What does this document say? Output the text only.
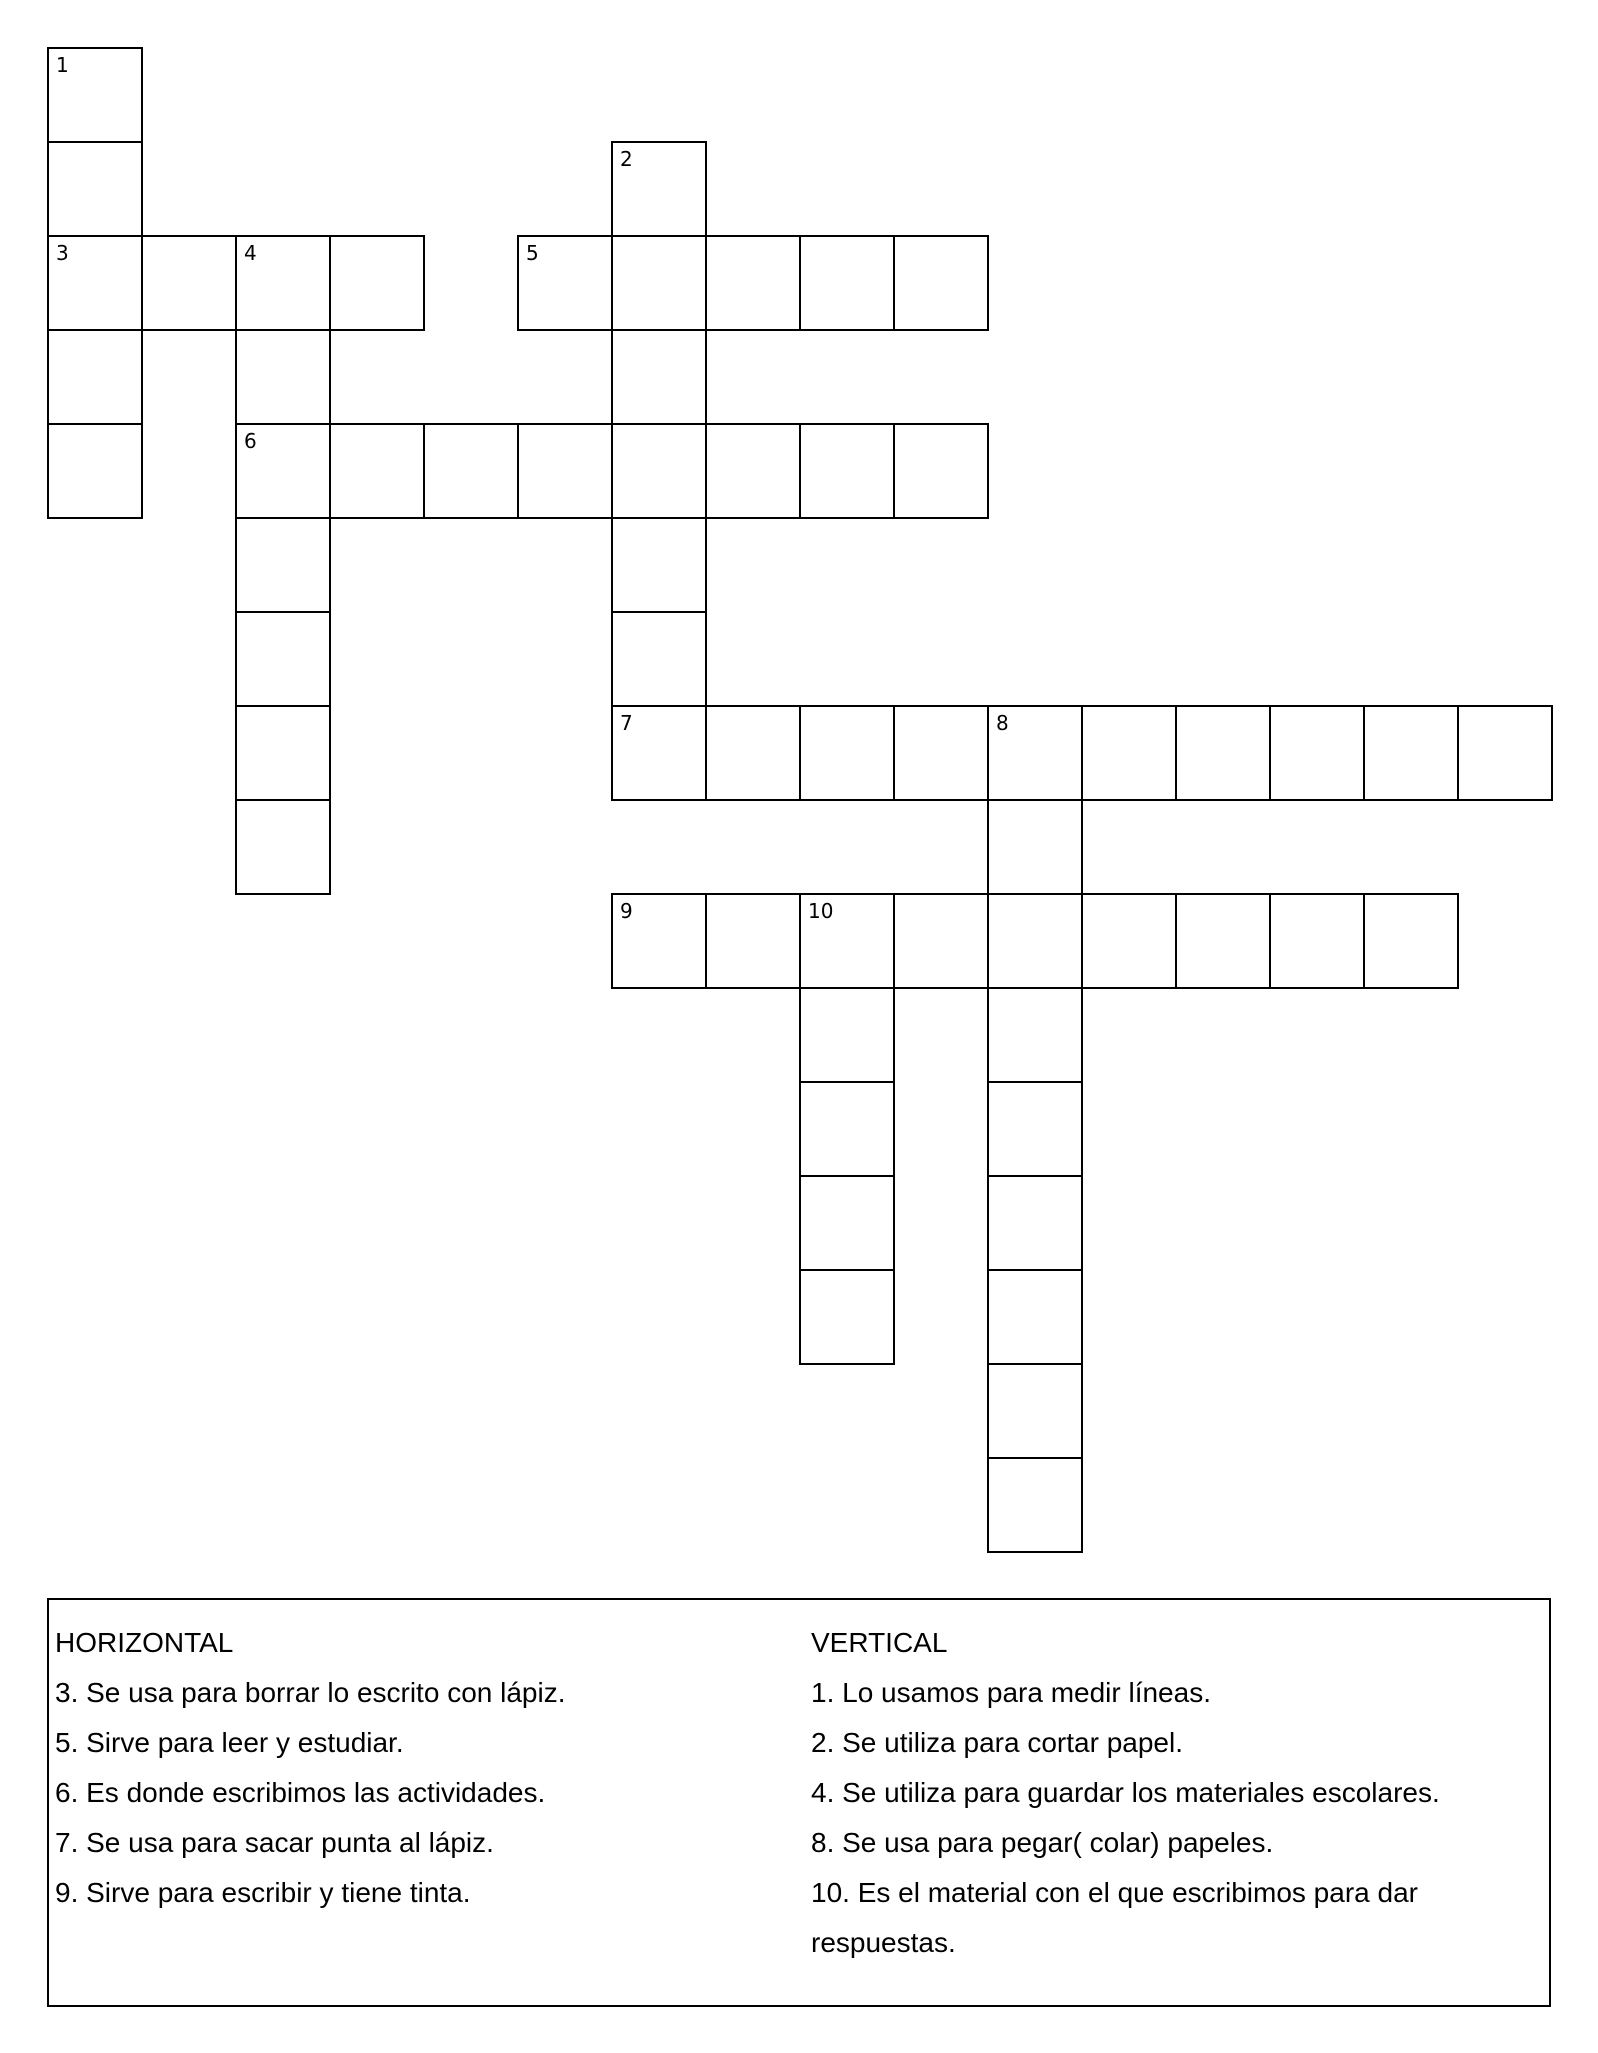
1
3
2
4
6
5
7	8
9	10
HORIZONTAL

3. Se usa para borrar lo escrito con lápiz.

5. Sirve para leer y estudiar.

6. Es donde escribimos las actividades.

7. Se usa para sacar punta al lápiz.

9. Sirve para escribir y tiene tinta.

VERTICAL

1. Lo usamos para medir líneas.

2. Se utiliza para cortar papel.

4. Se utiliza para guardar los materiales escolares.

8. Se usa para pegar( colar) papeles.

10. Es el material con el que escribimos para dar respuestas.
